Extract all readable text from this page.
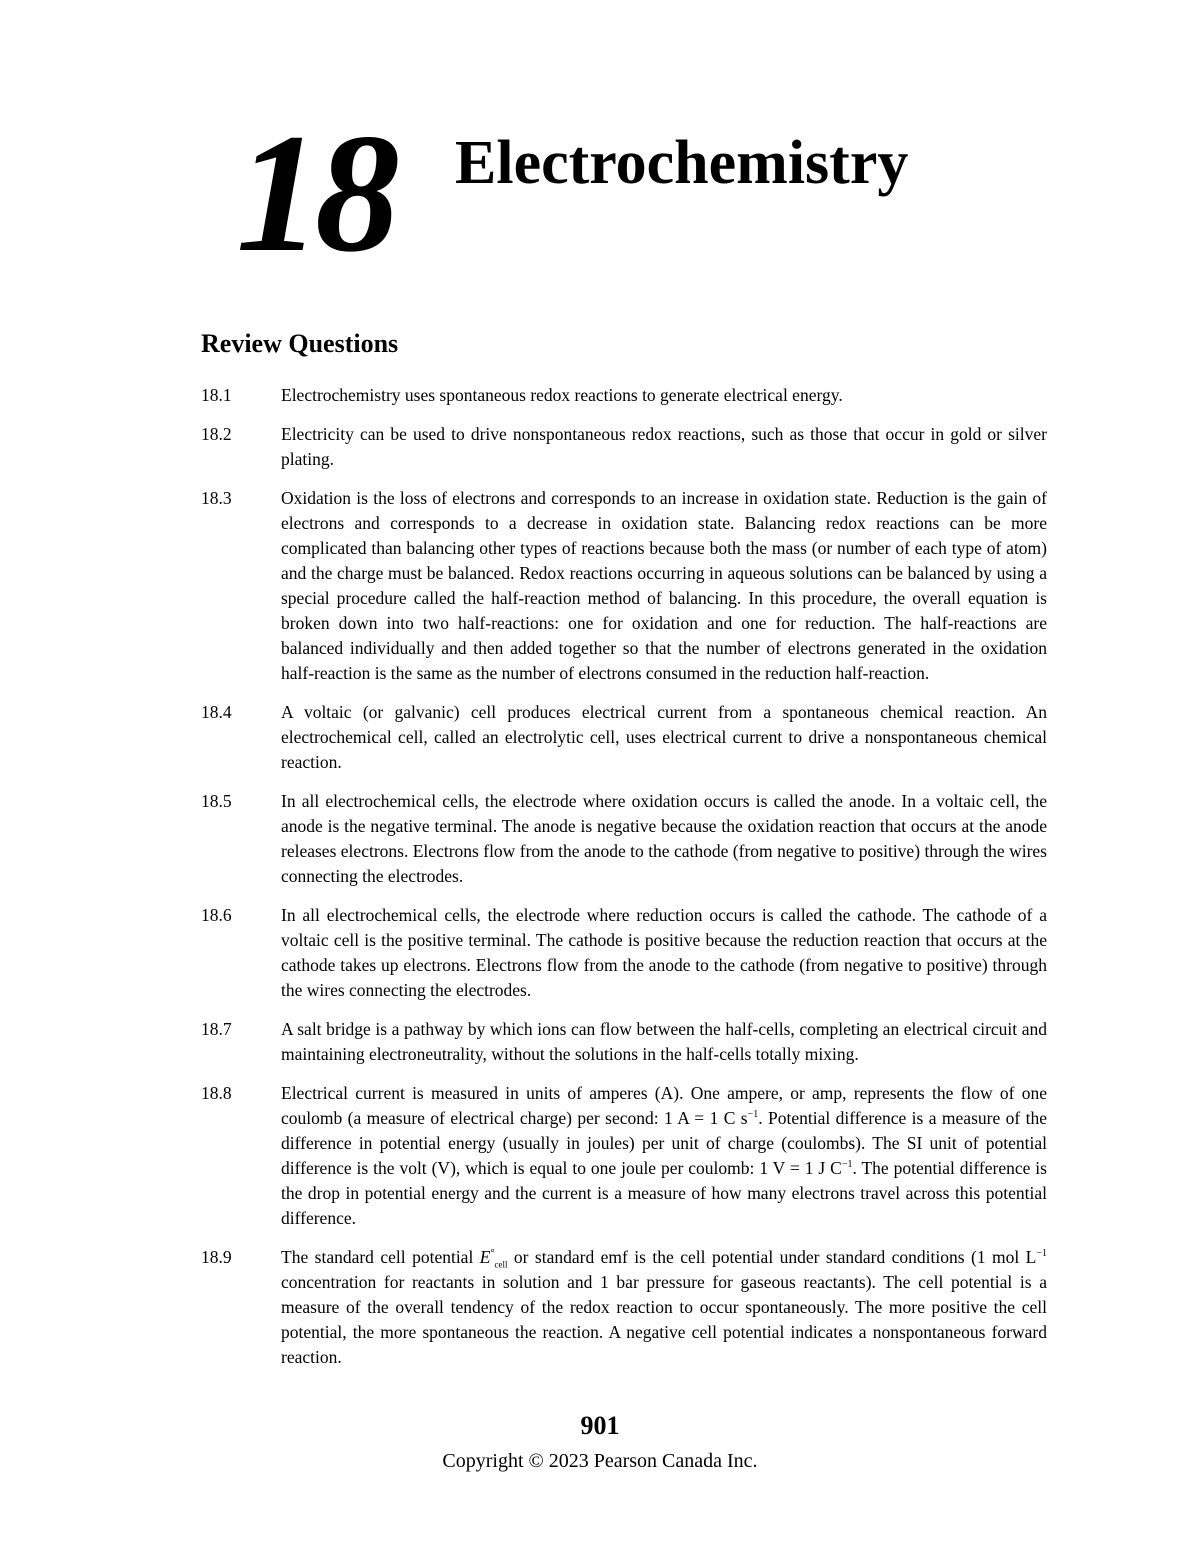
18 Electrochemistry
Review Questions
18.1	Electrochemistry uses spontaneous redox reactions to generate electrical energy.
18.2	Electricity can be used to drive nonspontaneous redox reactions, such as those that occur in gold or silver plating.
18.3	Oxidation is the loss of electrons and corresponds to an increase in oxidation state. Reduction is the gain of electrons and corresponds to a decrease in oxidation state. Balancing redox reactions can be more complicated than balancing other types of reactions because both the mass (or number of each type of atom) and the charge must be balanced. Redox reactions occurring in aqueous solutions can be balanced by using a special procedure called the half-reaction method of balancing. In this procedure, the overall equation is broken down into two half-reactions: one for oxidation and one for reduction. The half-reactions are balanced individually and then added together so that the number of electrons generated in the oxidation half-reaction is the same as the number of electrons consumed in the reduction half-reaction.
18.4	A voltaic (or galvanic) cell produces electrical current from a spontaneous chemical reaction. An electrochemical cell, called an electrolytic cell, uses electrical current to drive a nonspontaneous chemical reaction.
18.5	In all electrochemical cells, the electrode where oxidation occurs is called the anode. In a voltaic cell, the anode is the negative terminal. The anode is negative because the oxidation reaction that occurs at the anode releases electrons. Electrons flow from the anode to the cathode (from negative to positive) through the wires connecting the electrodes.
18.6	In all electrochemical cells, the electrode where reduction occurs is called the cathode. The cathode of a voltaic cell is the positive terminal. The cathode is positive because the reduction reaction that occurs at the cathode takes up electrons. Electrons flow from the anode to the cathode (from negative to positive) through the wires connecting the electrodes.
18.7	A salt bridge is a pathway by which ions can flow between the half-cells, completing an electrical circuit and maintaining electroneutrality, without the solutions in the half-cells totally mixing.
18.8	Electrical current is measured in units of amperes (A). One ampere, or amp, represents the flow of one coulomb (a measure of electrical charge) per second: 1 A = 1 C $s^{-1}$. Potential difference is a measure of the difference in potential energy (usually in joules) per unit of charge (coulombs). The SI unit of potential difference is the volt (V), which is equal to one joule per coulomb: 1 V = 1 J $C^{-1}$. The potential difference is the drop in potential energy and the current is a measure of how many electrons travel across this potential difference.
18.9	The standard cell potential $E^\circ_{cell}$ or standard emf is the cell potential under standard conditions (1 mol $L^{-1}$ concentration for reactants in solution and 1 bar pressure for gaseous reactants). The cell potential is a measure of the overall tendency of the redox reaction to occur spontaneously. The more positive the cell potential, the more spontaneous the reaction. A negative cell potential indicates a nonspontaneous forward reaction.
901
Copyright © 2023 Pearson Canada Inc.
